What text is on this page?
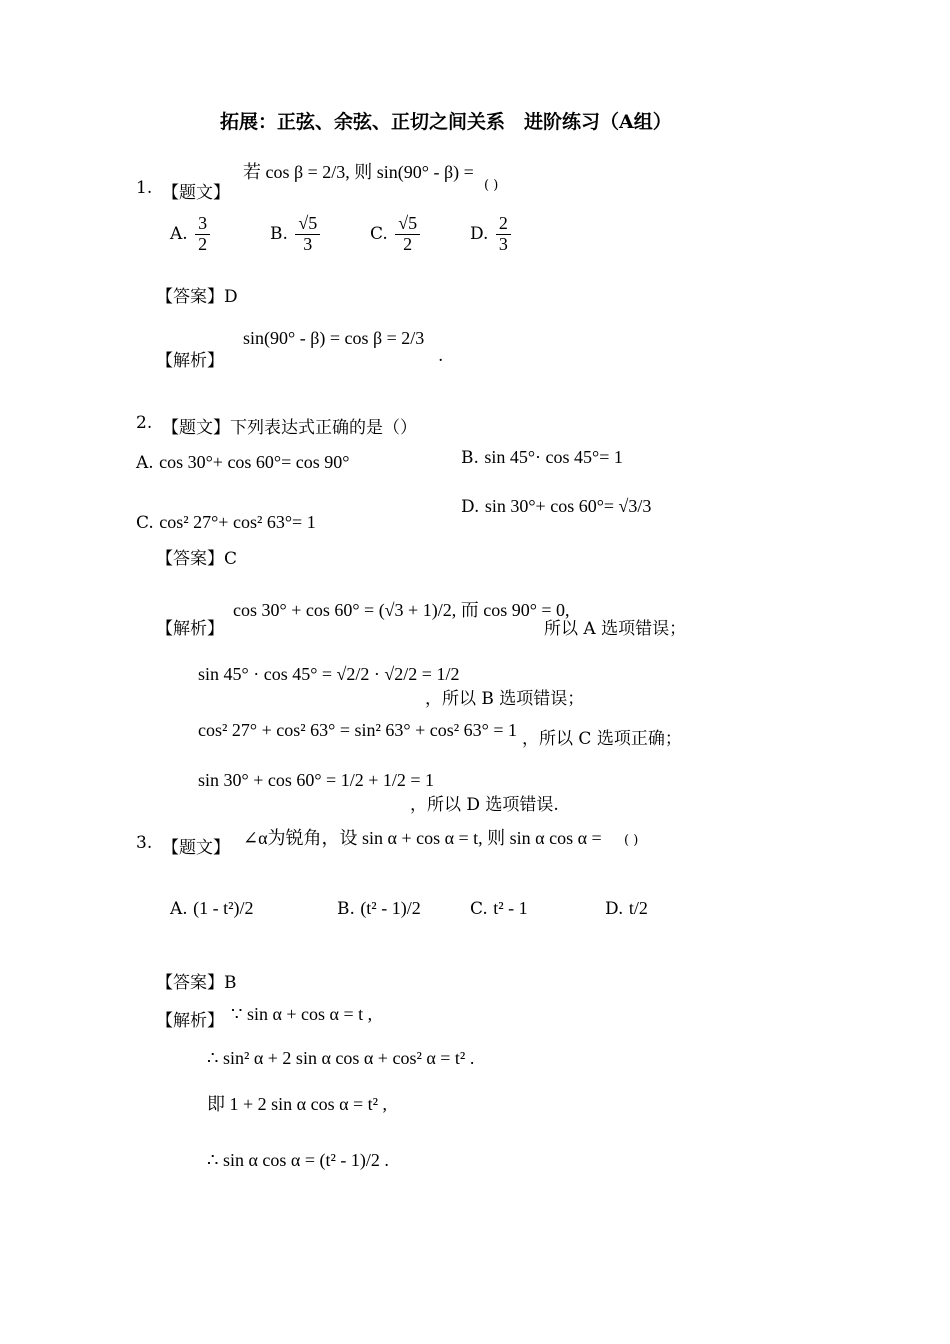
拓展：正弦、余弦、正切之间关系　进阶练习（A组）
1. 【题文】
若 cos β = 2/3, 则 sin(90° - β) =
( )
A. $\frac{3}{2}$	B. $\frac{√5}{3}$	C. $\frac{√5}{2}$	D. $\frac{2}{3}$
【答案】D
【解析】
sin(90° - β) = cos β = 2/3
.
2. 【题文】下列表达式正确的是（）
A. cos 30°+ cos 60°= cos 90°	B. sin 45°· cos 45°= 1
C. cos² 27°+ cos² 63°= 1
D. sin 30°+ cos 60°= √3/3
【答案】C
【解析】
cos 30° + cos 60° = (√3 + 1)/2, 而 cos 90° = 0,
所以 A 选项错误；
sin 45° · cos 45° = √2/2 · √2/2 = 1/2
，所以 B 选项错误；
cos² 27° + cos² 63° = sin² 63° + cos² 63° = 1 ，所以 C 选项正确；
sin 30° + cos 60° = 1/2 + 1/2 = 1
，所以 D 选项错误.
3. 【题文】 ∠α为锐角，设 sin α + cos α = t, 则 sin α cos α = ( )
A. (1 - t²)/2	B. (t² - 1)/2	C. t² - 1	D. t/2
【答案】B
【解析】 ∵ sin α + cos α = t ,
∴ sin² α + 2 sin α cos α + cos² α = t² .
即 1 + 2 sin α cos α = t² ,
∴ sin α cos α = (t² - 1)/2 .
